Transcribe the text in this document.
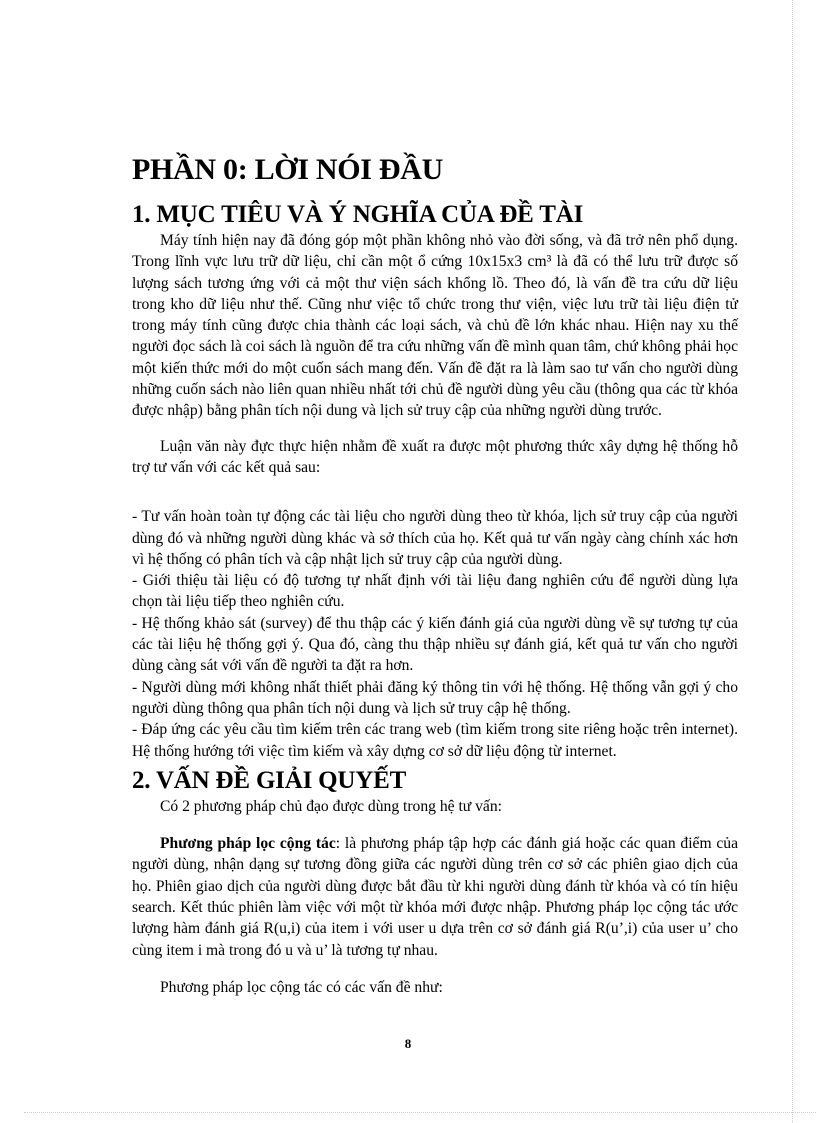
PHẦN 0: LỜI NÓI ĐẦU
1. MỤC TIÊU VÀ Ý NGHĨA CỦA ĐỀ TÀI

Máy tính hiện nay đã đóng góp một phần không nhỏ vào đời sống, và đã trở nên phổ dụng. Trong lĩnh vực lưu trữ dữ liệu, chỉ cần một ổ cứng 10x15x3 cm³ là đã có thể lưu trữ được số lượng sách tương ứng với cả một thư viện sách khổng lồ. Theo đó, là vấn đề tra cứu dữ liệu trong kho dữ liệu như thế. Cũng như việc tổ chức trong thư viện, việc lưu trữ tài liệu điện tử trong máy tính cũng được chia thành các loại sách, và chủ đề lớn khác nhau. Hiện nay xu thế người đọc sách là coi sách là nguồn để tra cứu những vấn đề mình quan tâm, chứ không phải học một kiến thức mới do một cuốn sách mang đến. Vấn đề đặt ra là làm sao tư vấn cho người dùng những cuốn sách nào liên quan nhiều nhất tới chủ đề người dùng yêu cầu (thông qua các từ khóa được nhập) bằng phân tích nội dung và lịch sử truy cập của những người dùng trước.

Luận văn này đực thực hiện nhằm đề xuất ra được một phương thức xây dựng hệ thống hỗ trợ tư vấn với các kết quả sau:

- Tư vấn hoàn toàn tự động các tài liệu cho người dùng theo từ khóa, lịch sử truy cập của người dùng đó và những người dùng khác và sở thích của họ. Kết quả tư vấn ngày càng chính xác hơn vì hệ thống có phân tích và cập nhật lịch sử truy cập của người dùng.

- Giới thiệu tài liệu có độ tương tự nhất định với tài liệu đang nghiên cứu để người dùng lựa chọn tài liệu tiếp theo nghiên cứu.

- Hệ thống khảo sát (survey) để thu thập các ý kiến đánh giá của người dùng về sự tương tự của các tài liệu hệ thống gợi ý. Qua đó, càng thu thập nhiều sự đánh giá, kết quả tư vấn cho người dùng càng sát với vấn đề người ta đặt ra hơn.

- Người dùng mới không nhất thiết phải đăng ký thông tin với hệ thống. Hệ thống vẫn gợi ý cho người dùng thông qua phân tích nội dung và lịch sử truy cập hệ thống.

- Đáp ứng các yêu cầu tìm kiếm trên các trang web (tìm kiếm trong site riêng hoặc trên internet). Hệ thống hướng tới việc tìm kiếm và xây dựng cơ sở dữ liệu động từ internet.

2. VẤN ĐỀ GIẢI QUYẾT

Có 2 phương pháp chủ đạo được dùng trong hệ tư vấn:

Phương pháp lọc cộng tác: là phương pháp tập hợp các đánh giá hoặc các quan điểm của người dùng, nhận dạng sự tương đồng giữa các người dùng trên cơ sở các phiên giao dịch của họ. Phiên giao dịch của người dùng được bắt đầu từ khi người dùng đánh từ khóa và có tín hiệu search. Kết thúc phiên làm việc với một từ khóa mới được nhập. Phương pháp lọc cộng tác ước lượng hàm đánh giá R(u,i) của item i với user u dựa trên cơ sở đánh giá R(u’,i) của user u’ cho cùng item i mà trong đó u và u’ là tương tự nhau.

Phương pháp lọc cộng tác có các vấn đề như:

8
